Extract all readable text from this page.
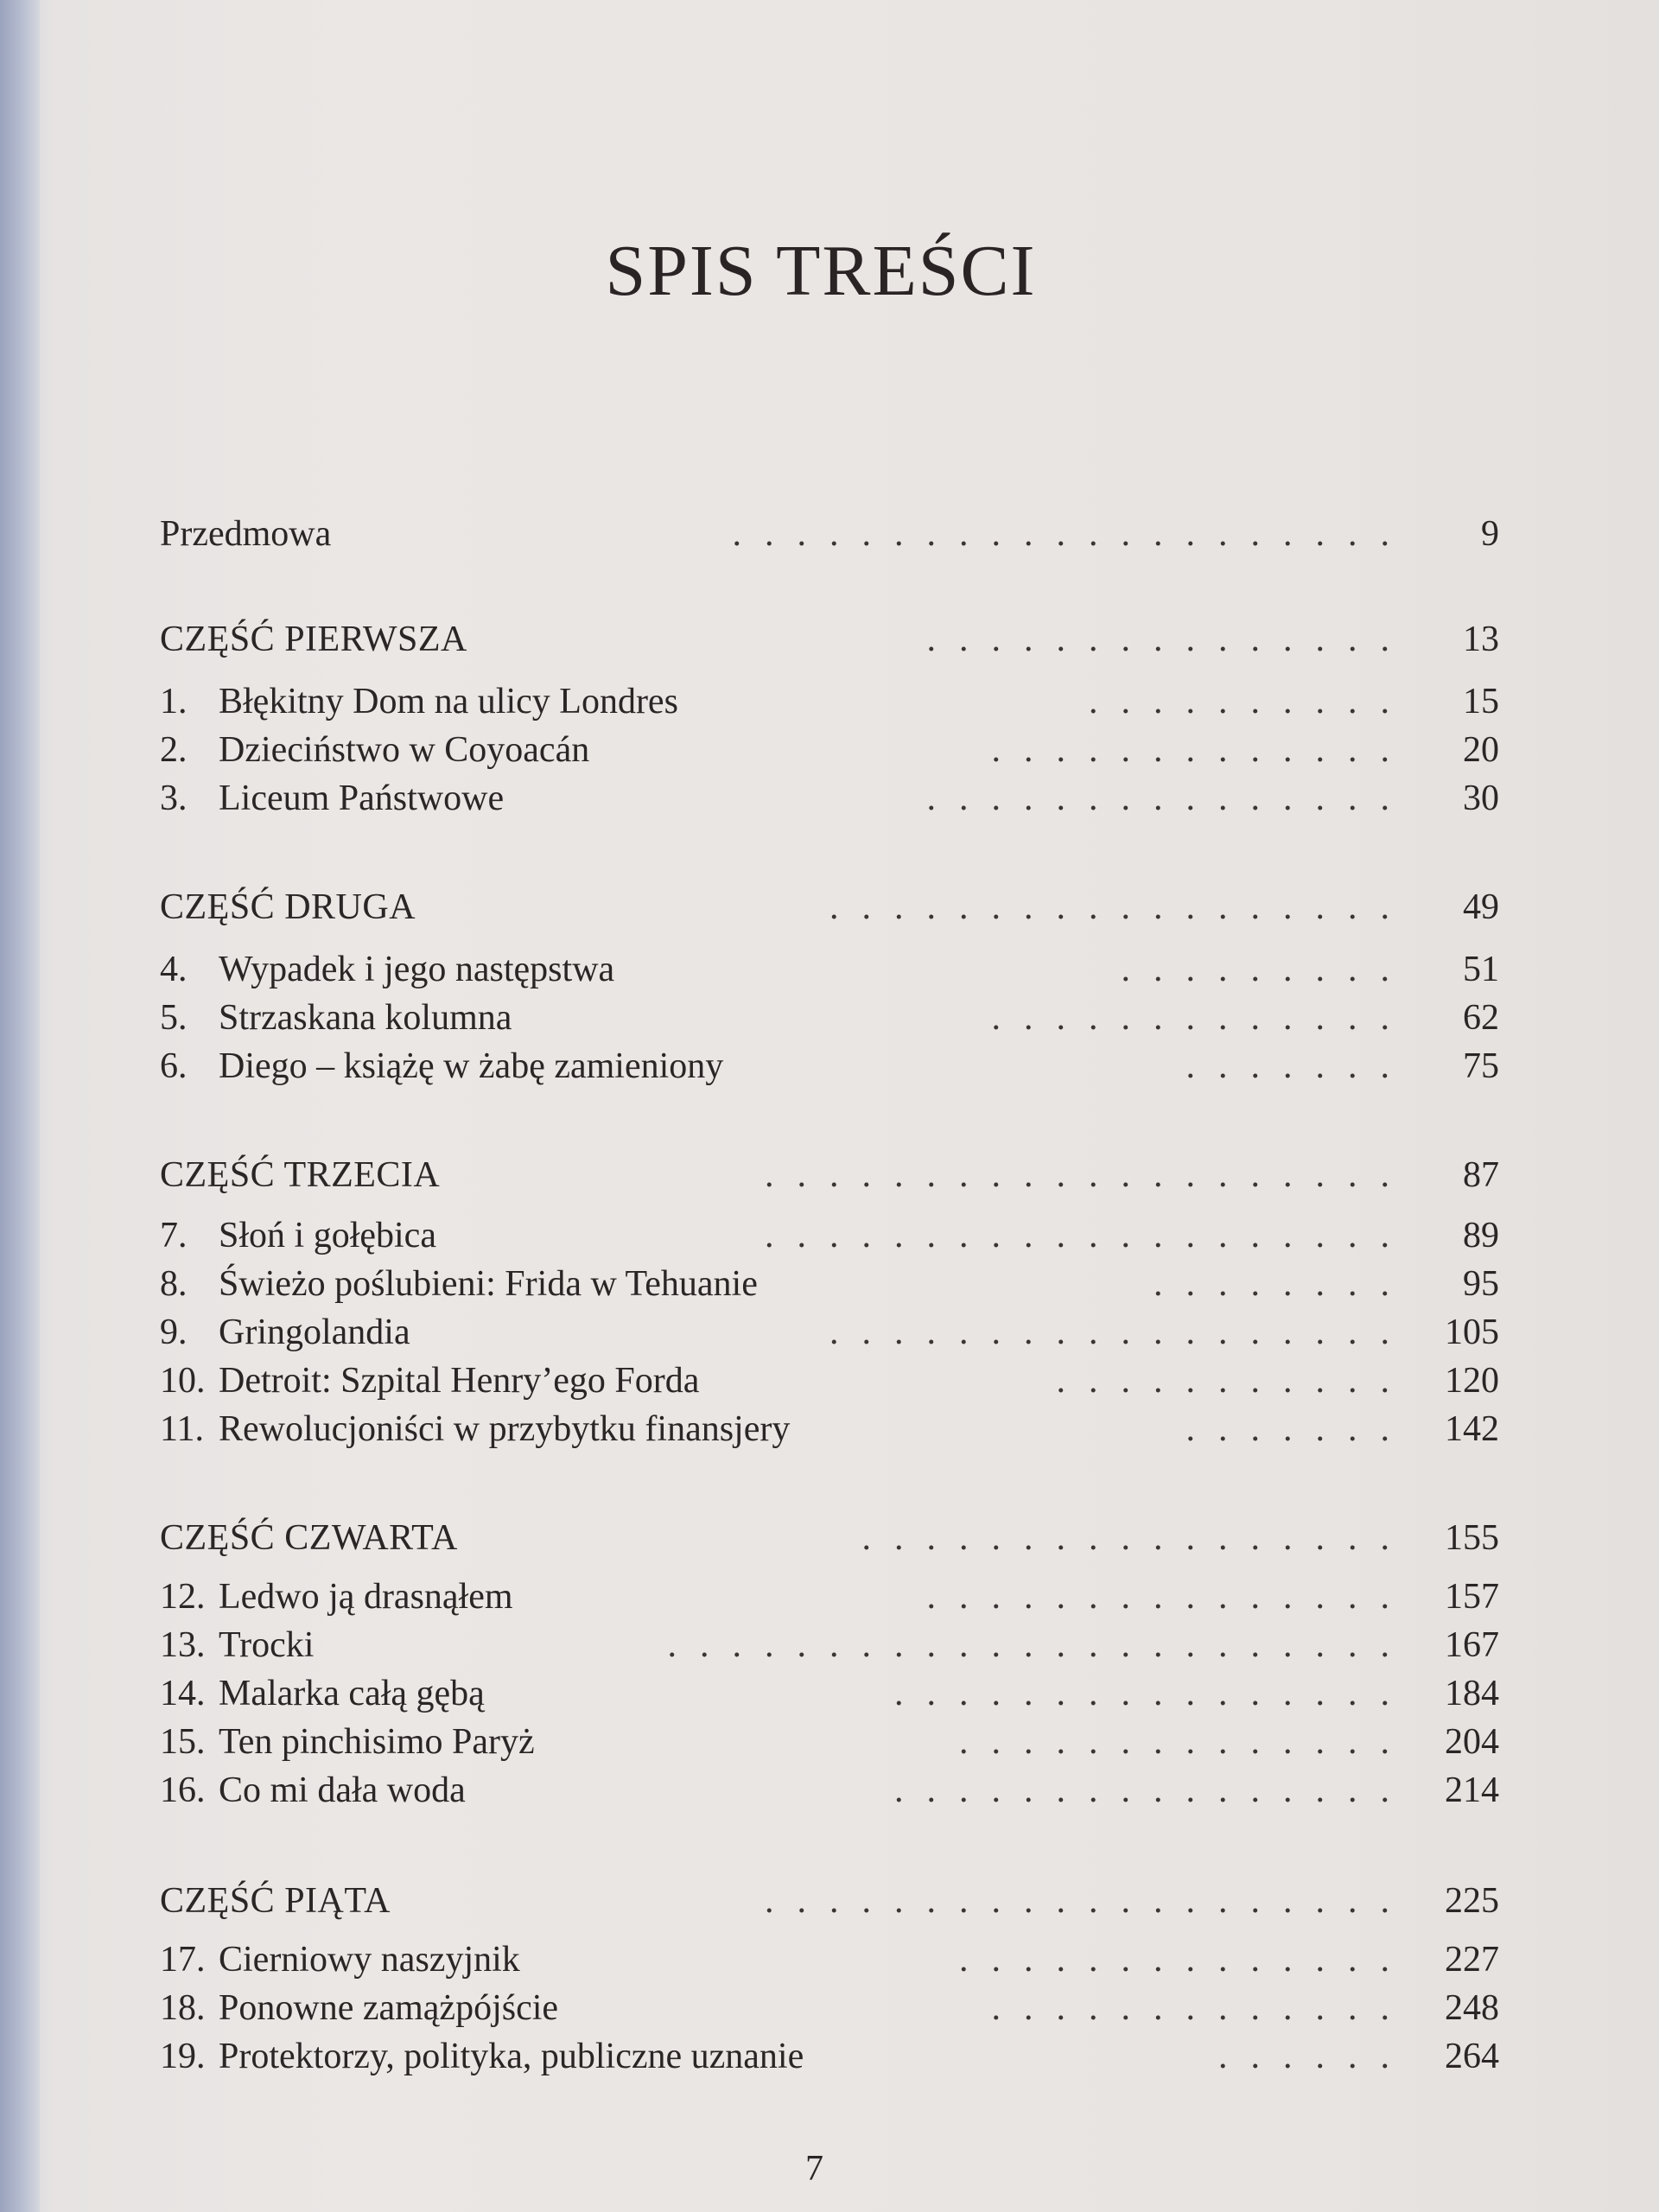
SPIS TREŚCI
Przedmowa	.....................	9
CZĘŚĆ PIERWSZA	...............	13
1. Błękitny Dom na ulicy Londres	..........	15
2. Dzieciństwo w Coyoacán	.............	20
3. Liceum Państwowe	...............	30
CZĘŚĆ DRUGA	..................	49
4. Wypadek i jego następstwa	.........	51
5. Strzaskana kolumna	.............	62
6. Diego – książę w żabę zamieniony	.......	75
CZĘŚĆ TRZECIA	....................	87
7. Słoń i gołębica	....................	89
8. Świeżo poślubieni: Frida w Tehuanie	........	95
9. Gringolandia	.................. 105
10. Detroit: Szpital Henry’ego Forda	........... 120
11. Rewolucjoniści w przybytku finansjery	....... 142
CZĘŚĆ CZWARTA	................. 155
12. Ledwo ją drasnąłem	............... 157
13. Trocki	....................... 167
14. Malarka całą gębą	................ 184
15. Ten pinchisimo Paryż	.............. 204
16. Co mi dała woda	................ 214
CZĘŚĆ PIĄTA	.................... 225
17. Cierniowy naszyjnik	.............. 227
18. Ponowne zamążpójście	............. 248
19. Protektorzy, polityka, publiczne uznanie	...... 264
7
